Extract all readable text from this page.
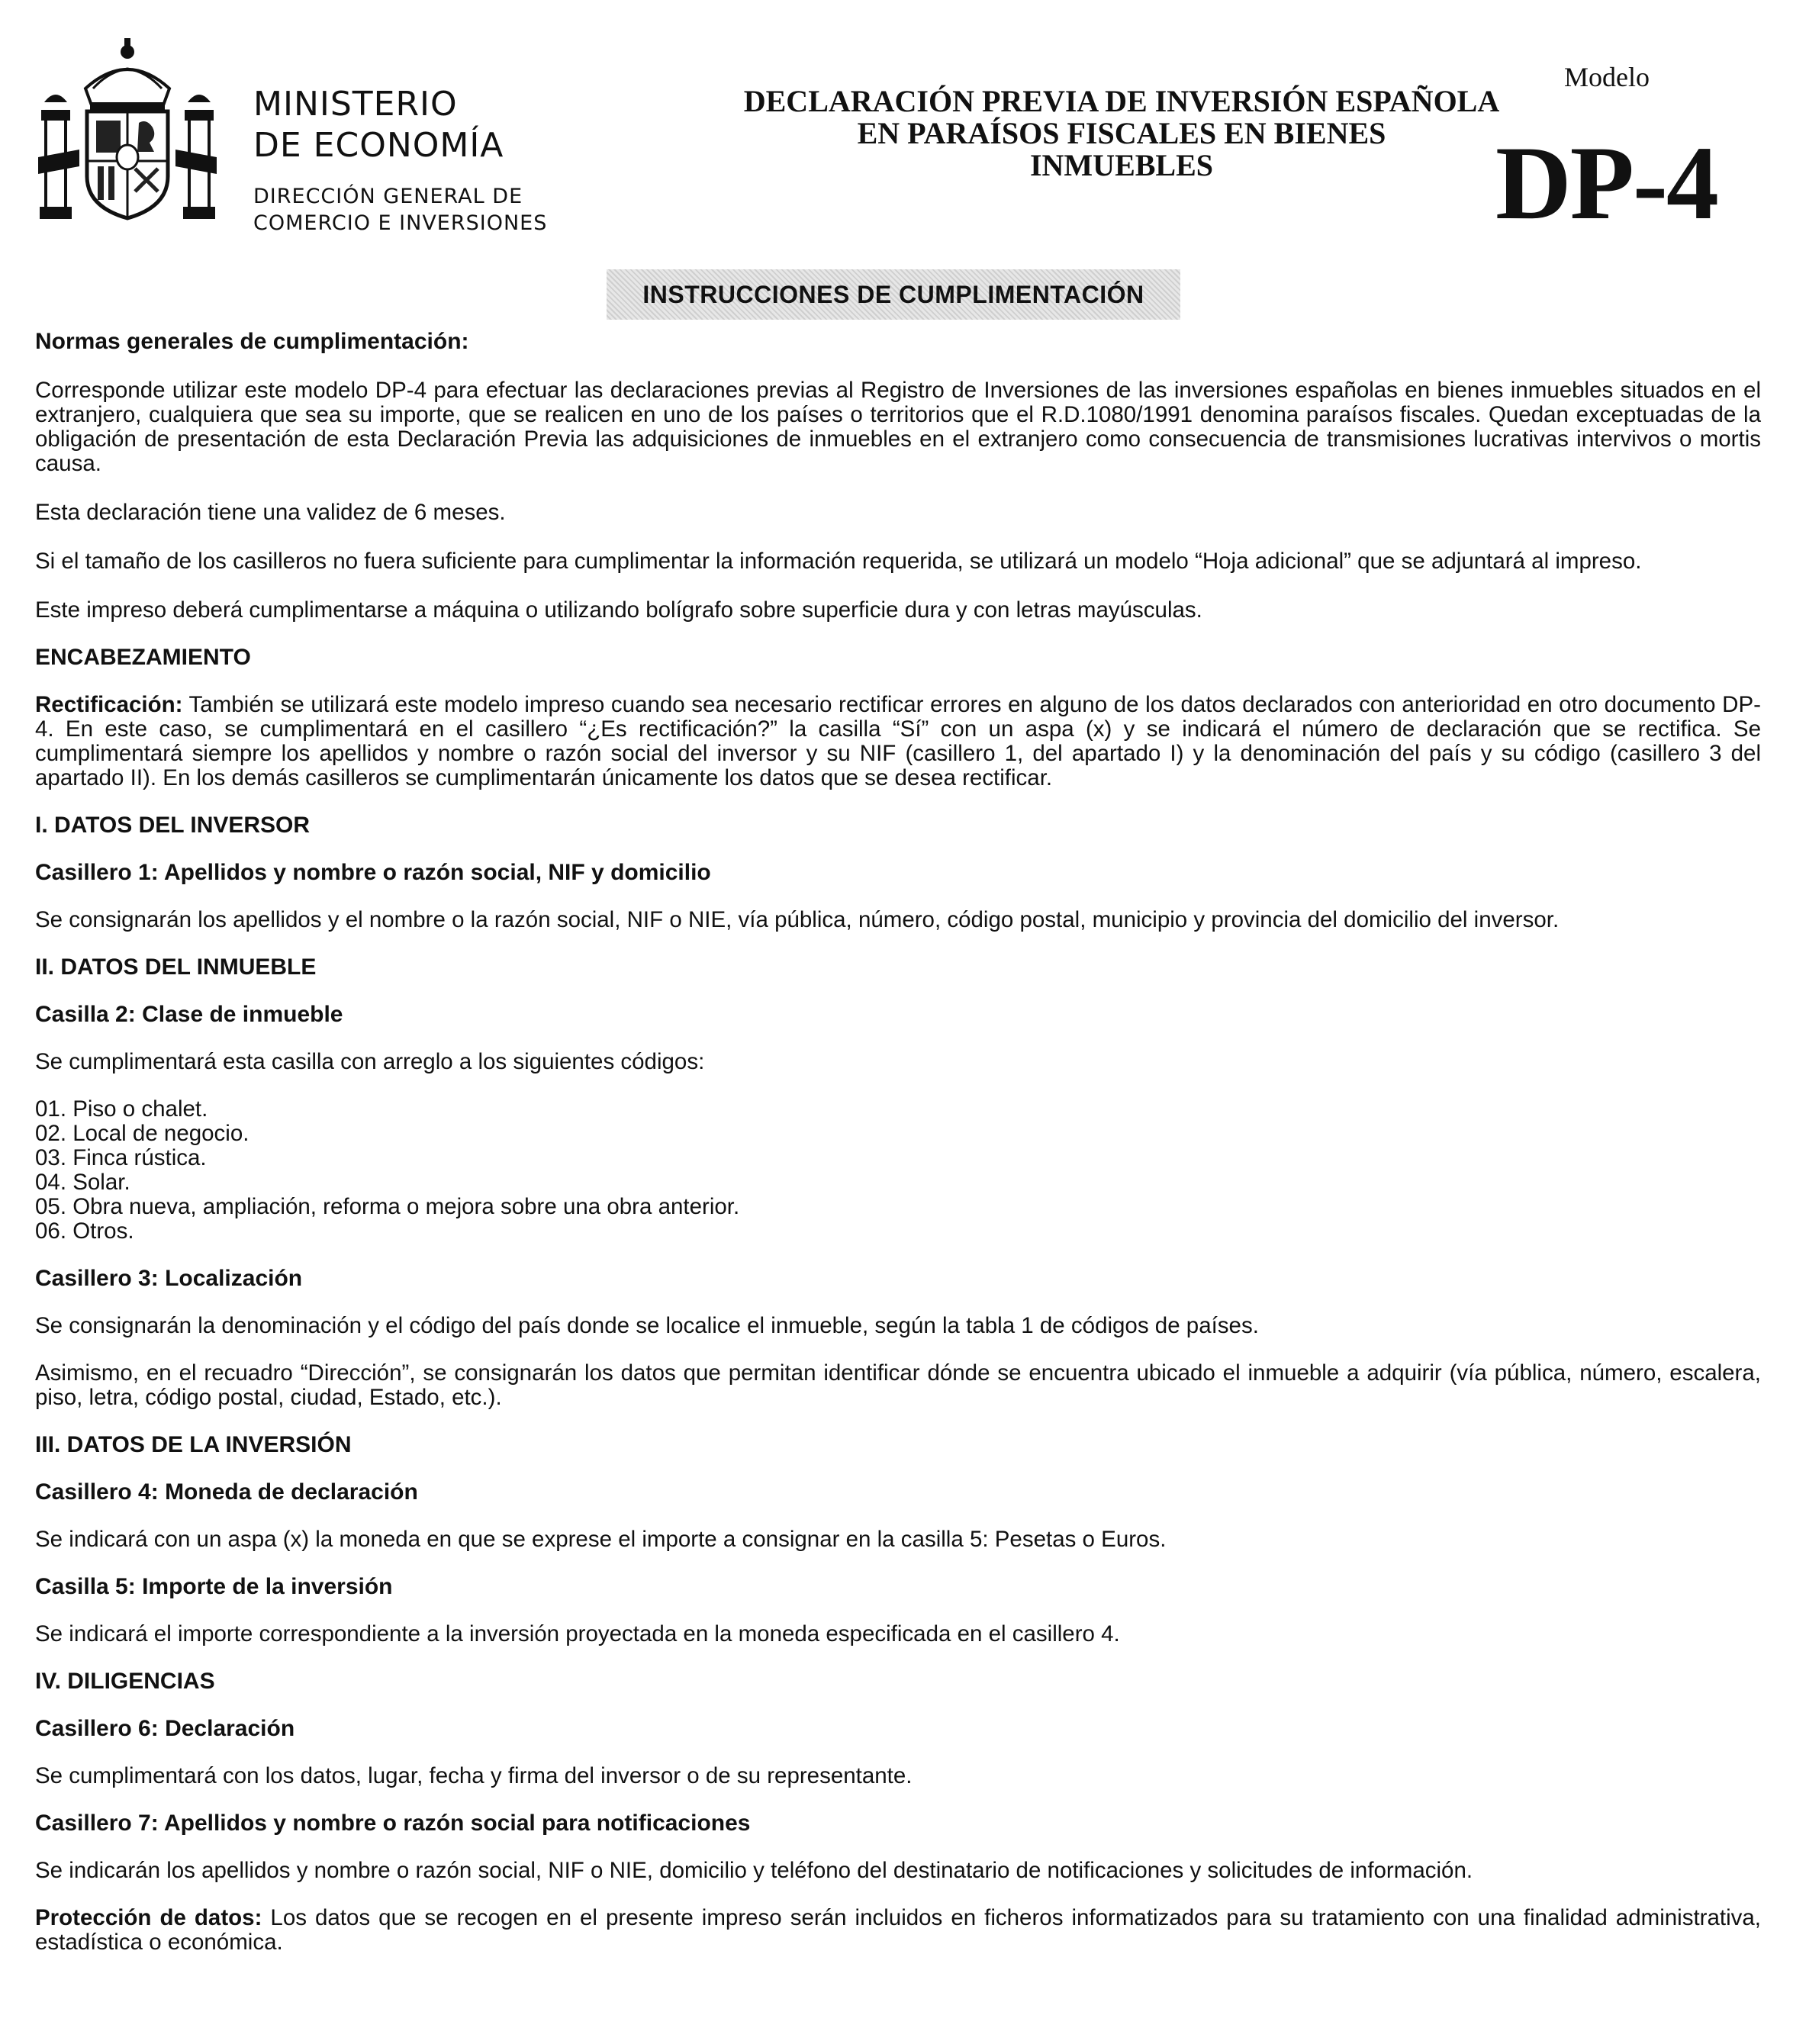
MINISTERIO
DE ECONOMÍA
DIRECCIÓN GENERAL DE
COMERCIO E INVERSIONES
DECLARACIÓN PREVIA DE INVERSIÓN ESPAÑOLA
EN PARAÍSOS FISCALES EN BIENES
INMUEBLES
Modelo
DP-4
INSTRUCCIONES DE CUMPLIMENTACIÓN

Normas generales de cumplimentación:

Corresponde utilizar este modelo DP-4 para efectuar las declaraciones previas al Registro de Inversiones de las inversiones españolas en bienes inmuebles situados en el extranjero, cualquiera que sea su importe, que se realicen en uno de los países o territorios que el R.D.1080/1991 denomina paraísos fiscales. Quedan exceptuadas de la obligación de presentación de esta Declaración Previa las adquisiciones de inmuebles en el extranjero como consecuencia de transmisiones lucrativas intervivos o mortis causa.

Esta declaración tiene una validez de 6 meses.

Si el tamaño de los casilleros no fuera suficiente para cumplimentar la información requerida, se utilizará un modelo “Hoja adicional” que se adjuntará al impreso.

Este impreso deberá cumplimentarse a máquina o utilizando bolígrafo sobre superficie dura y con letras mayúsculas.

ENCABEZAMIENTO

Rectificación: También se utilizará este modelo impreso cuando sea necesario rectificar errores en alguno de los datos declarados con anterioridad en otro documento DP-4. En este caso, se cumplimentará en el casillero “¿Es rectificación?” la casilla “Sí” con un aspa (x) y se indicará el número de declaración que se rectifica. Se cumplimentará siempre los apellidos y nombre o razón social del inversor y su NIF (casillero 1, del apartado I) y la denominación del país y su código (casillero 3 del apartado II). En los demás casilleros se cumplimentarán únicamente los datos que se desea rectificar.

I. DATOS DEL INVERSOR

Casillero 1: Apellidos y nombre o razón social, NIF y domicilio

Se consignarán los apellidos y el nombre o la razón social, NIF o NIE, vía pública, número, código postal, municipio y provincia del domicilio del inversor.

II. DATOS DEL INMUEBLE

Casilla 2: Clase de inmueble

Se cumplimentará esta casilla con arreglo a los siguientes códigos:

01. Piso o chalet.
02. Local de negocio.
03. Finca rústica.
04. Solar.
05. Obra nueva, ampliación, reforma o mejora sobre una obra anterior.
06. Otros.

Casillero 3: Localización

Se consignarán la denominación y el código del país donde se localice el inmueble, según la tabla 1 de códigos de países.

Asimismo, en el recuadro “Dirección”, se consignarán los datos que permitan identificar dónde se encuentra ubicado el inmueble a adquirir (vía pública, número, escalera, piso, letra, código postal, ciudad, Estado, etc.).

III. DATOS DE LA INVERSIÓN

Casillero 4: Moneda de declaración

Se indicará con un aspa (x) la moneda en que se exprese el importe a consignar en la casilla 5: Pesetas o Euros.

Casilla 5: Importe de la inversión

Se indicará el importe correspondiente a la inversión proyectada en la moneda especificada en el casillero 4.

IV. DILIGENCIAS

Casillero 6: Declaración

Se cumplimentará con los datos, lugar, fecha y firma del inversor o de su representante.

Casillero 7: Apellidos y nombre o razón social para notificaciones

Se indicarán los apellidos y nombre o razón social, NIF o NIE, domicilio y teléfono del destinatario de notificaciones y solicitudes de información.

Protección de datos: Los datos que se recogen en el presente impreso serán incluidos en ficheros informatizados para su tratamiento con una finalidad administrativa, estadística o económica.
